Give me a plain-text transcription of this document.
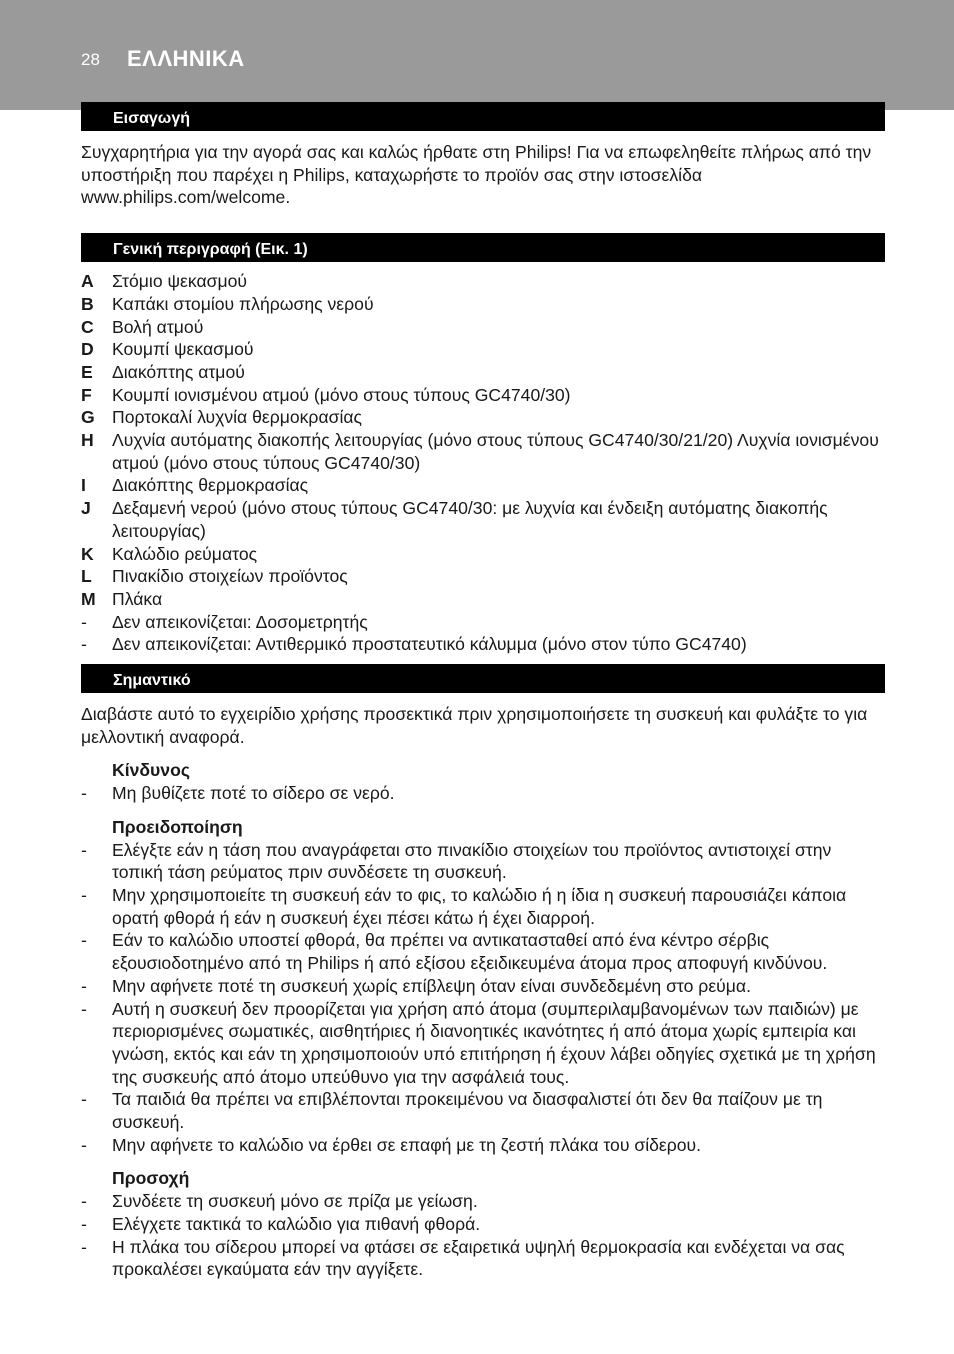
28 ΕΛΛΗΝΙΚΑ
Εισαγωγή

Συγχαρητήρια για την αγορά σας και καλώς ήρθατε στη Philips! Για να επωφεληθείτε πλήρως από την υποστήριξη που παρέχει η Philips, καταχωρήστε το προϊόν σας στην ιστοσελίδα www.philips.com/welcome.

Γενική περιγραφή (Εικ. 1)
A	Στόμιο ψεκασμού
B	Καπάκι στομίου πλήρωσης νερού
C	Βολή ατμού
D	Κουμπί ψεκασμού
E	Διακόπτης ατμού
F	Κουμπί ιονισμένου ατμού (μόνο στους τύπους GC4740/30)
G Πορτοκαλί λυχνία θερμοκρασίας
H	Λυχνία αυτόματης διακοπής λειτουργίας (μόνο στους τύπους GC4740/30/21/20) Λυχνία ιονισμένου ατμού (μόνο στους τύπους GC4740/30)
I	Διακόπτης θερμοκρασίας
J	Δεξαμενή νερού (μόνο στους τύπους GC4740/30: με λυχνία και ένδειξη αυτόματης διακοπής λειτουργίας)
K	Καλώδιο ρεύματος
L	Πινακίδιο στοιχείων προϊόντος
M Πλάκα
-	Δεν απεικονίζεται: Δοσομετρητής
-	Δεν απεικονίζεται: Αντιθερμικό προστατευτικό κάλυμμα (μόνο στον τύπο GC4740)
Σημαντικό

Διαβάστε αυτό το εγχειρίδιο χρήσης προσεκτικά πριν χρησιμοποιήσετε τη συσκευή και φυλάξτε το για μελλοντική αναφορά.

Κίνδυνος
-	Μη βυθίζετε ποτέ το σίδερο σε νερό.
Προειδοποίηση
-	Ελέγξτε εάν η τάση που αναγράφεται στο πινακίδιο στοιχείων του προϊόντος αντιστοιχεί στην τοπική τάση ρεύματος πριν συνδέσετε τη συσκευή.
-	Μην χρησιμοποιείτε τη συσκευή εάν το φις, το καλώδιο ή η ίδια η συσκευή παρουσιάζει κάποια ορατή φθορά ή εάν η συσκευή έχει πέσει κάτω ή έχει διαρροή.
-	Εάν το καλώδιο υποστεί φθορά, θα πρέπει να αντικατασταθεί από ένα κέντρο σέρβις εξουσιοδοτημένο από τη Philips ή από εξίσου εξειδικευμένα άτομα προς αποφυγή κινδύνου.
-	Μην αφήνετε ποτέ τη συσκευή χωρίς επίβλεψη όταν είναι συνδεδεμένη στο ρεύμα.
-	Αυτή η συσκευή δεν προορίζεται για χρήση από άτομα (συμπεριλαμβανομένων των παιδιών) με περιορισμένες σωματικές, αισθητήριες ή διανοητικές ικανότητες ή από άτομα χωρίς εμπειρία και γνώση, εκτός και εάν τη χρησιμοποιούν υπό επιτήρηση ή έχουν λάβει οδηγίες σχετικά με τη χρήση της συσκευής από άτομο υπεύθυνο για την ασφάλειά τους.
-	Τα παιδιά θα πρέπει να επιβλέπονται προκειμένου να διασφαλιστεί ότι δεν θα παίζουν με τη συσκευή.
-	Μην αφήνετε το καλώδιο να έρθει σε επαφή με τη ζεστή πλάκα του σίδερου.
Προσοχή
-	Συνδέετε τη συσκευή μόνο σε πρίζα με γείωση.
-	Ελέγχετε τακτικά το καλώδιο για πιθανή φθορά.
-	Η πλάκα του σίδερου μπορεί να φτάσει σε εξαιρετικά υψηλή θερμοκρασία και ενδέχεται να σας προκαλέσει εγκαύματα εάν την αγγίξετε.
